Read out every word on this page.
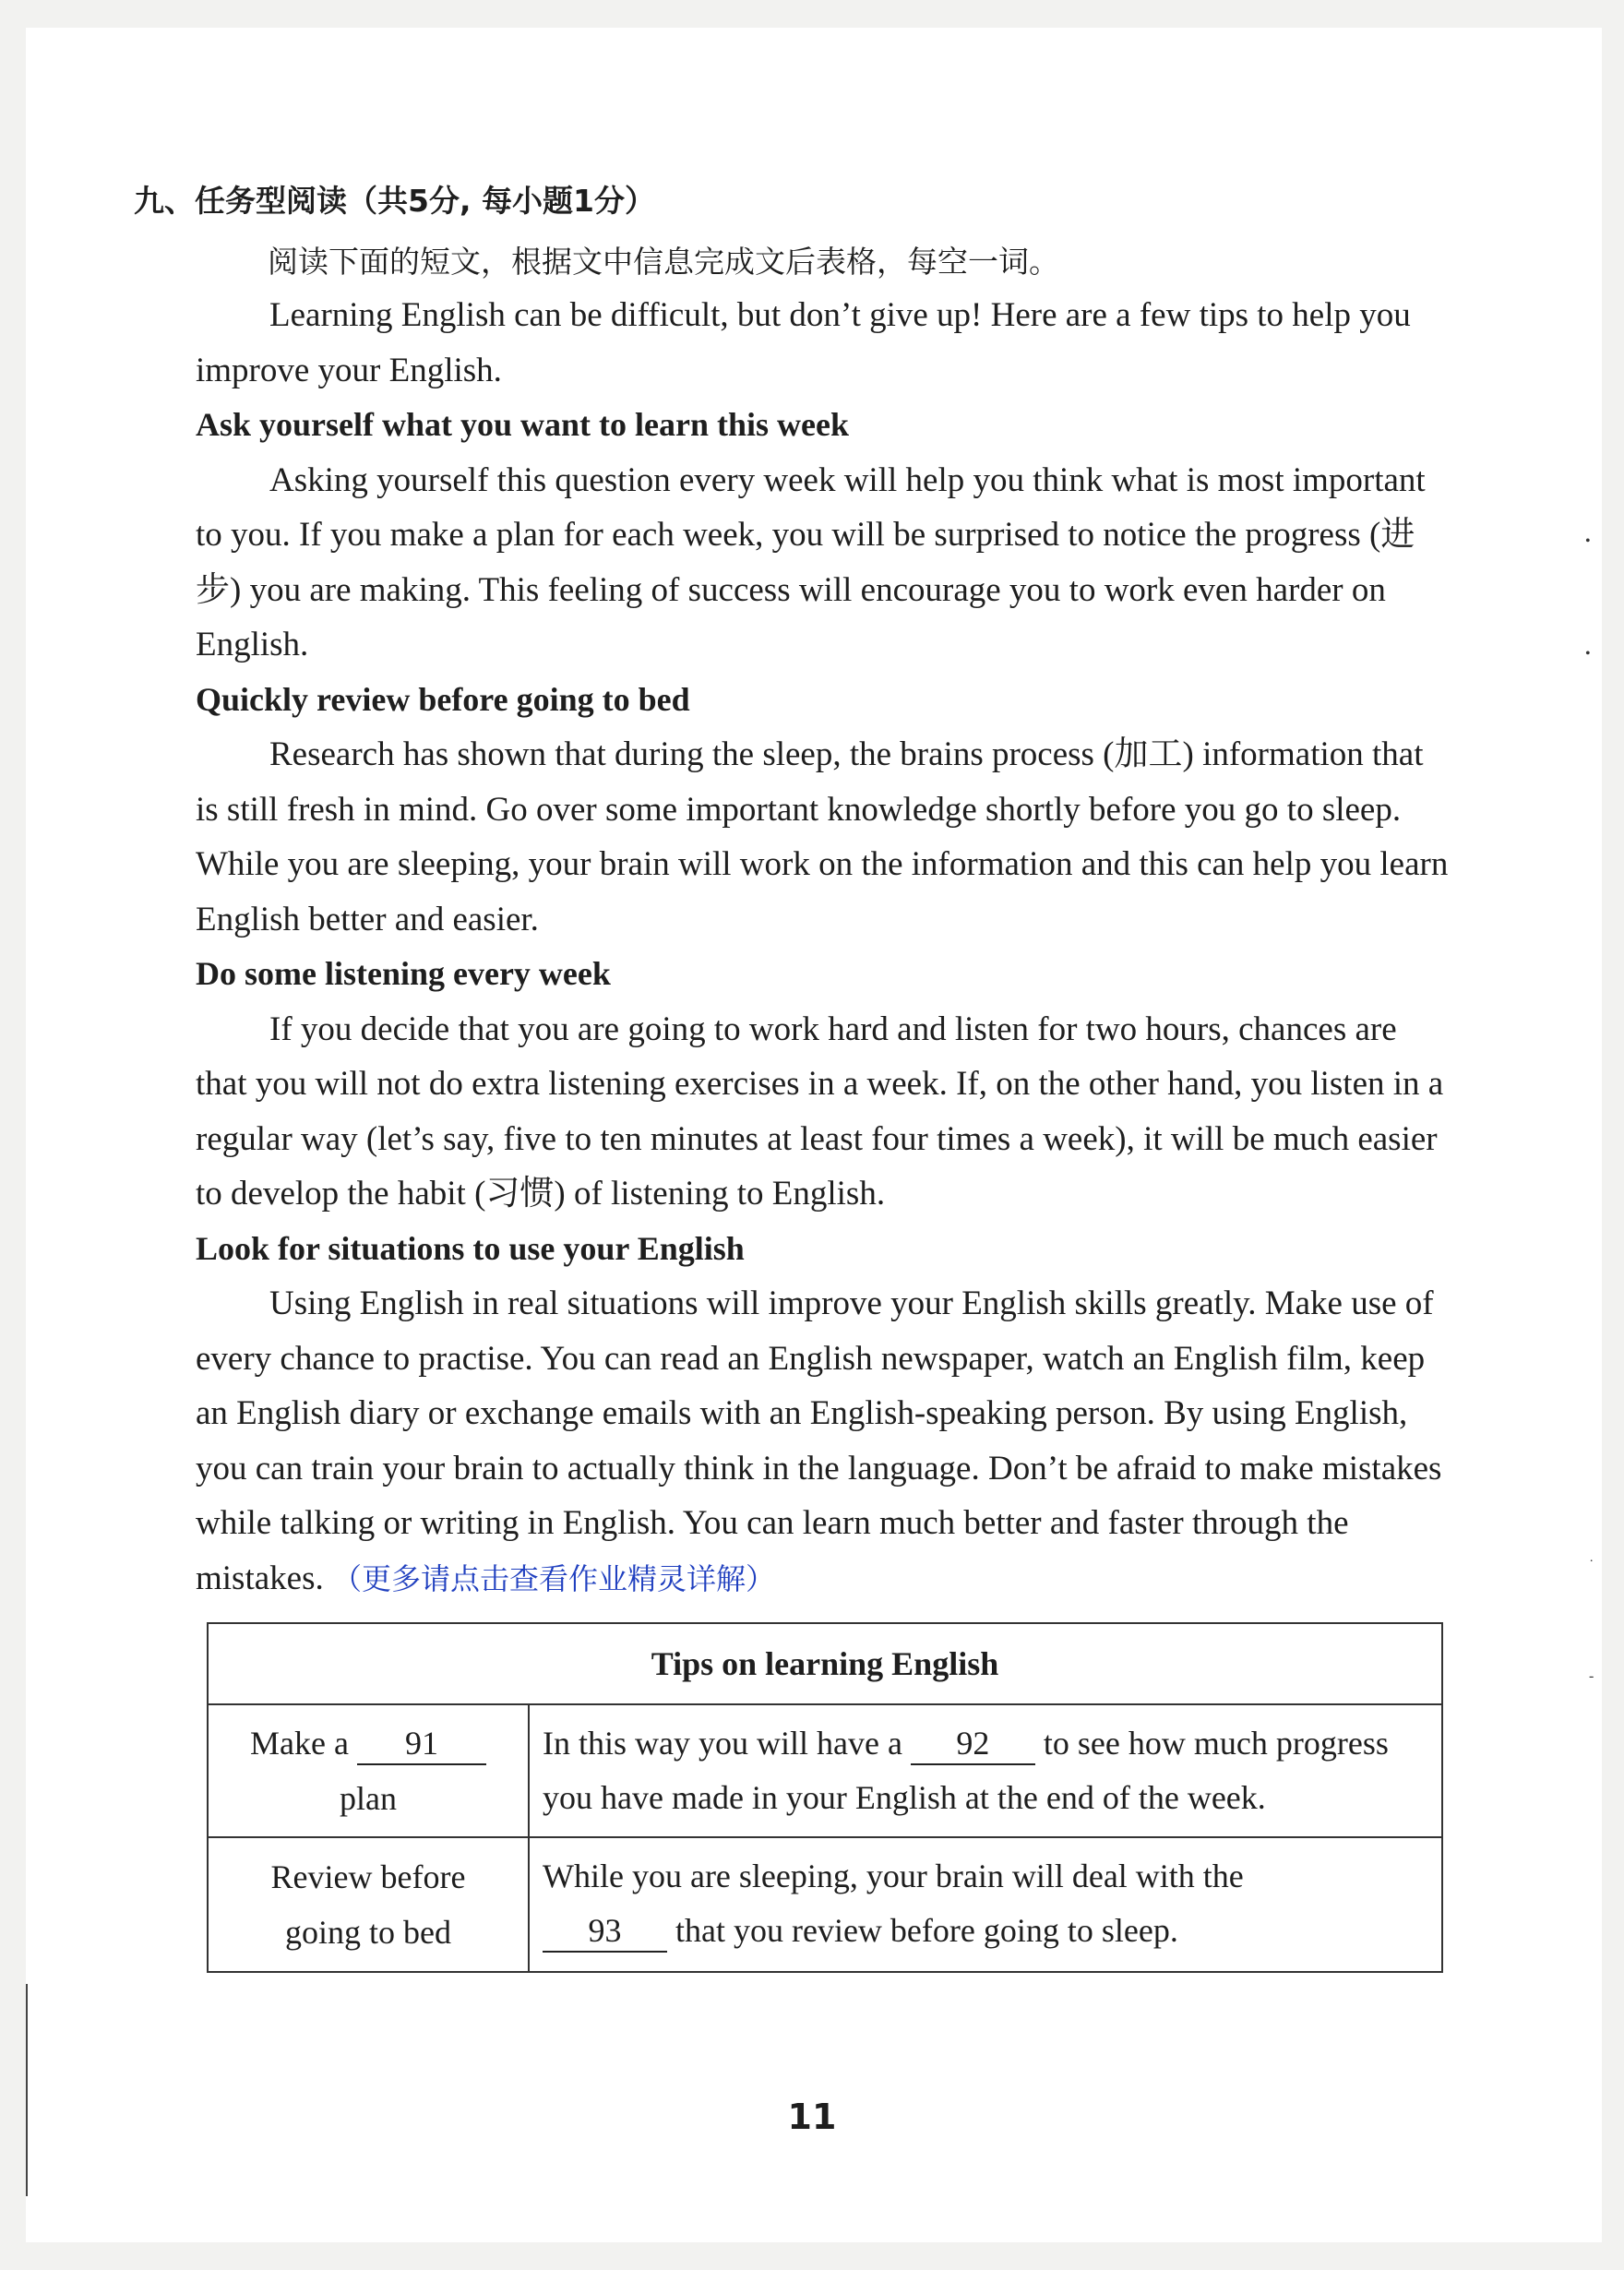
九、任务型阅读（共5分, 每小题1分）
阅读下面的短文，根据文中信息完成文后表格，每空一词。

Learning English can be difficult, but don’t give up! Here are a few tips to help you improve your English.

Ask yourself what you want to learn this week

Asking yourself this question every week will help you think what is most important to you. If you make a plan for each week, you will be surprised to notice the progress (进步) you are making. This feeling of success will encourage you to work even harder on English.

Quickly review before going to bed

Research has shown that during the sleep, the brains process (加工) information that is still fresh in mind. Go over some important knowledge shortly before you go to sleep. While you are sleeping, your brain will work on the information and this can help you learn English better and easier.

Do some listening every week

If you decide that you are going to work hard and listen for two hours, chances are that you will not do extra listening exercises in a week. If, on the other hand, you listen in a regular way (let’s say, five to ten minutes at least four times a week), it will be much easier to develop the habit (习惯) of listening to English.

Look for situations to use your English

Using English in real situations will improve your English skills greatly. Make use of every chance to practise. You can read an English newspaper, watch an English film, keep an English diary or exchange emails with an English-speaking person. By using English, you can train your brain to actually think in the language. Don’t be afraid to make mistakes while talking or writing in English. You can learn much better and faster through the mistakes. （更多请点击查看作业精灵详解）

Tips on learning English	
Make a 91
plan	In this way you will have a 92 to see how much progress you have made in your English at the end of the week.
Review before
going to bed	While you are sleeping, your brain will deal with the
93 that you review before going to sleep.
11
•
•
˙
-
